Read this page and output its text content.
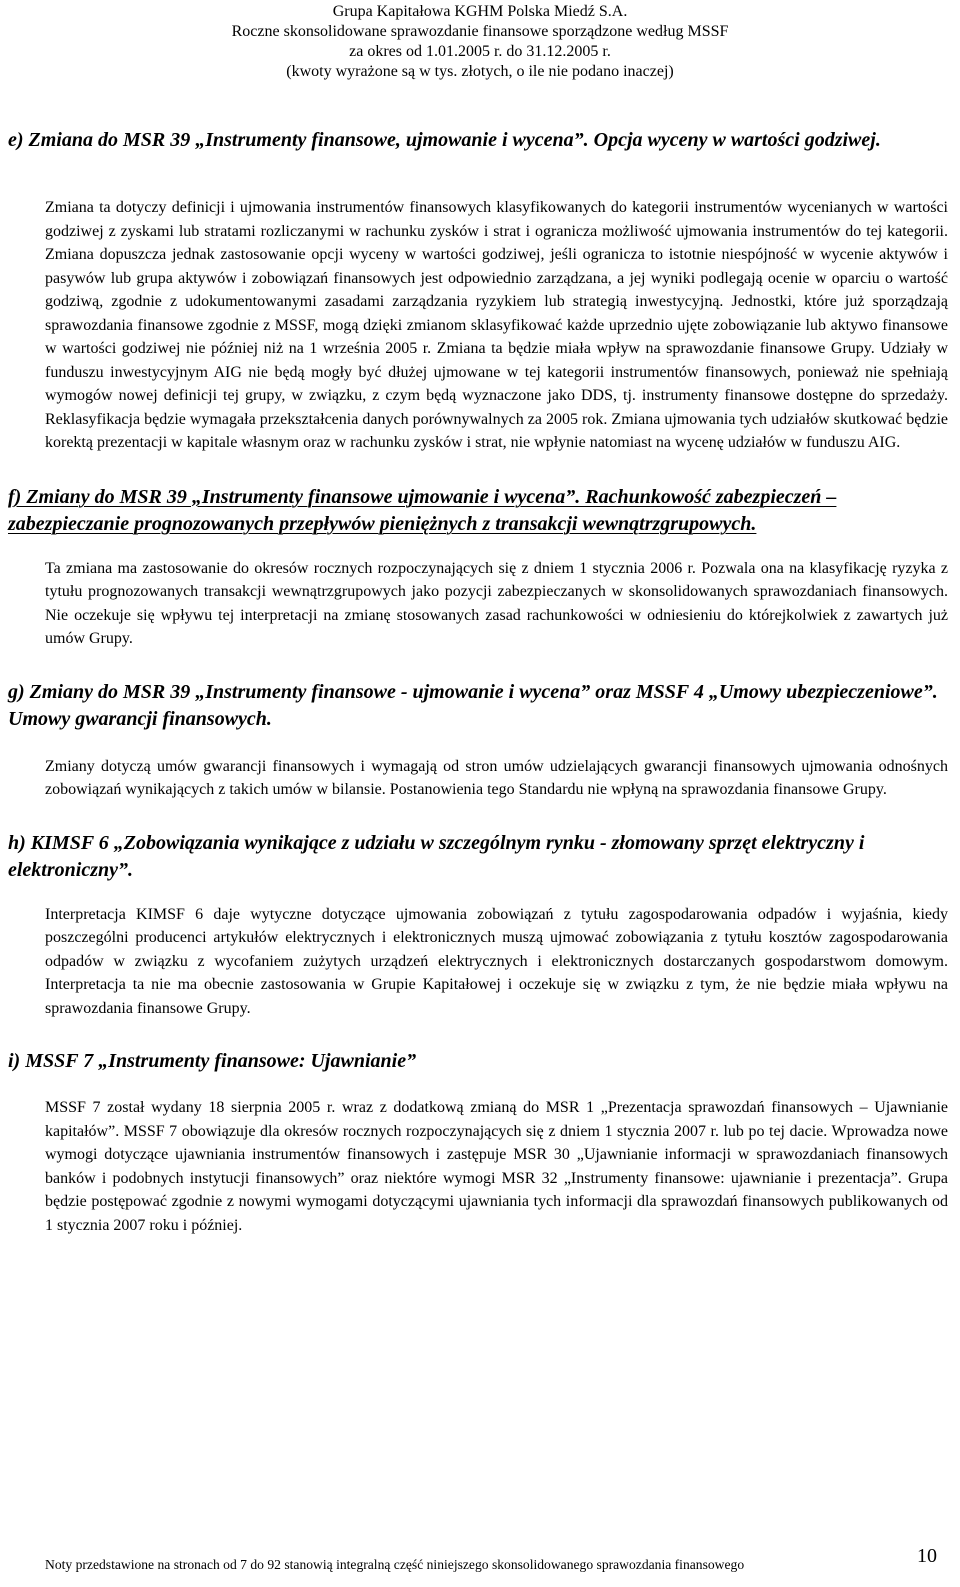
Grupa Kapitałowa KGHM Polska Miedź S.A.
Roczne skonsolidowane sprawozdanie finansowe sporządzone według MSSF
za okres od 1.01.2005 r. do 31.12.2005 r.
(kwoty wyrażone są w tys. złotych, o ile nie podano inaczej)

e) Zmiana do MSR 39 „Instrumenty finansowe, ujmowanie i wycena”. Opcja wyceny w wartości godziwej.

Zmiana ta dotyczy definicji i ujmowania instrumentów finansowych klasyfikowanych do kategorii instrumentów wycenianych w wartości godziwej z zyskami lub stratami rozliczanymi w rachunku zysków i strat i ogranicza możliwość ujmowania instrumentów do tej kategorii. Zmiana dopuszcza jednak zastosowanie opcji wyceny w wartości godziwej, jeśli ogranicza to istotnie niespójność w wycenie aktywów i pasywów lub grupa aktywów i zobowiązań finansowych jest odpowiednio zarządzana, a jej wyniki podlegają ocenie w oparciu o wartość godziwą, zgodnie z udokumentowanymi zasadami zarządzania ryzykiem lub strategią inwestycyjną. Jednostki, które już sporządzają sprawozdania finansowe zgodnie z MSSF, mogą dzięki zmianom sklasyfikować każde uprzednio ujęte zobowiązanie lub aktywo finansowe w wartości godziwej nie później niż na 1 września 2005 r. Zmiana ta będzie miała wpływ na sprawozdanie finansowe Grupy. Udziały w funduszu inwestycyjnym AIG nie będą mogły być dłużej ujmowane w tej kategorii instrumentów finansowych, ponieważ nie spełniają wymogów nowej definicji tej grupy, w związku, z czym będą wyznaczone jako DDS, tj. instrumenty finansowe dostępne do sprzedaży. Reklasyfikacja będzie wymagała przekształcenia danych porównywalnych za 2005 rok. Zmiana ujmowania tych udziałów skutkować będzie korektą prezentacji w kapitale własnym oraz w rachunku zysków i strat, nie wpłynie natomiast na wycenę udziałów w funduszu AIG.

f) Zmiany do MSR 39 „Instrumenty finansowe ujmowanie i wycena”. Rachunkowość zabezpieczeń – zabezpieczanie prognozowanych przepływów pieniężnych z transakcji wewnątrzgrupowych.

Ta zmiana ma zastosowanie do okresów rocznych rozpoczynających się z dniem 1 stycznia 2006 r. Pozwala ona na klasyfikację ryzyka z tytułu prognozowanych transakcji wewnątrzgrupowych jako pozycji zabezpieczanych w skonsolidowanych sprawozdaniach finansowych. Nie oczekuje się wpływu tej interpretacji na zmianę stosowanych zasad rachunkowości w odniesieniu do którejkolwiek z zawartych już umów Grupy.

g) Zmiany do MSR 39 „Instrumenty finansowe - ujmowanie i wycena” oraz MSSF 4 „Umowy ubezpieczeniowe”. Umowy gwarancji finansowych.

Zmiany dotyczą umów gwarancji finansowych i wymagają od stron umów udzielających gwarancji finansowych ujmowania odnośnych zobowiązań wynikających z takich umów w bilansie. Postanowienia tego Standardu nie wpłyną na sprawozdania finansowe Grupy.

h) KIMSF 6 „Zobowiązania wynikające z udziału w szczególnym rynku - złomowany sprzęt elektryczny i elektroniczny”.

Interpretacja KIMSF 6 daje wytyczne dotyczące ujmowania zobowiązań z tytułu zagospodarowania odpadów i wyjaśnia, kiedy poszczególni producenci artykułów elektrycznych i elektronicznych muszą ujmować zobowiązania z tytułu kosztów zagospodarowania odpadów w związku z wycofaniem zużytych urządzeń elektrycznych i elektronicznych dostarczanych gospodarstwom domowym. Interpretacja ta nie ma obecnie zastosowania w Grupie Kapitałowej i oczekuje się w związku z tym, że nie będzie miała wpływu na sprawozdania finansowe Grupy.

i) MSSF 7 „Instrumenty finansowe: Ujawnianie”

MSSF 7 został wydany 18 sierpnia 2005 r. wraz z dodatkową zmianą do MSR 1 „Prezentacja sprawozdań finansowych – Ujawnianie kapitałów”. MSSF 7 obowiązuje dla okresów rocznych rozpoczynających się z dniem 1 stycznia 2007 r. lub po tej dacie. Wprowadza nowe wymogi dotyczące ujawniania instrumentów finansowych i zastępuje MSR 30 „Ujawnianie informacji w sprawozdaniach finansowych banków i podobnych instytucji finansowych” oraz niektóre wymogi MSR 32 „Instrumenty finansowe: ujawnianie i prezentacja”. Grupa będzie postępować zgodnie z nowymi wymogami dotyczącymi ujawniania tych informacji dla sprawozdań finansowych publikowanych od 1 stycznia 2007 roku i później.

Noty przedstawione na stronach od 7 do 92 stanowią integralną część niniejszego skonsolidowanego sprawozdania finansowego	10
